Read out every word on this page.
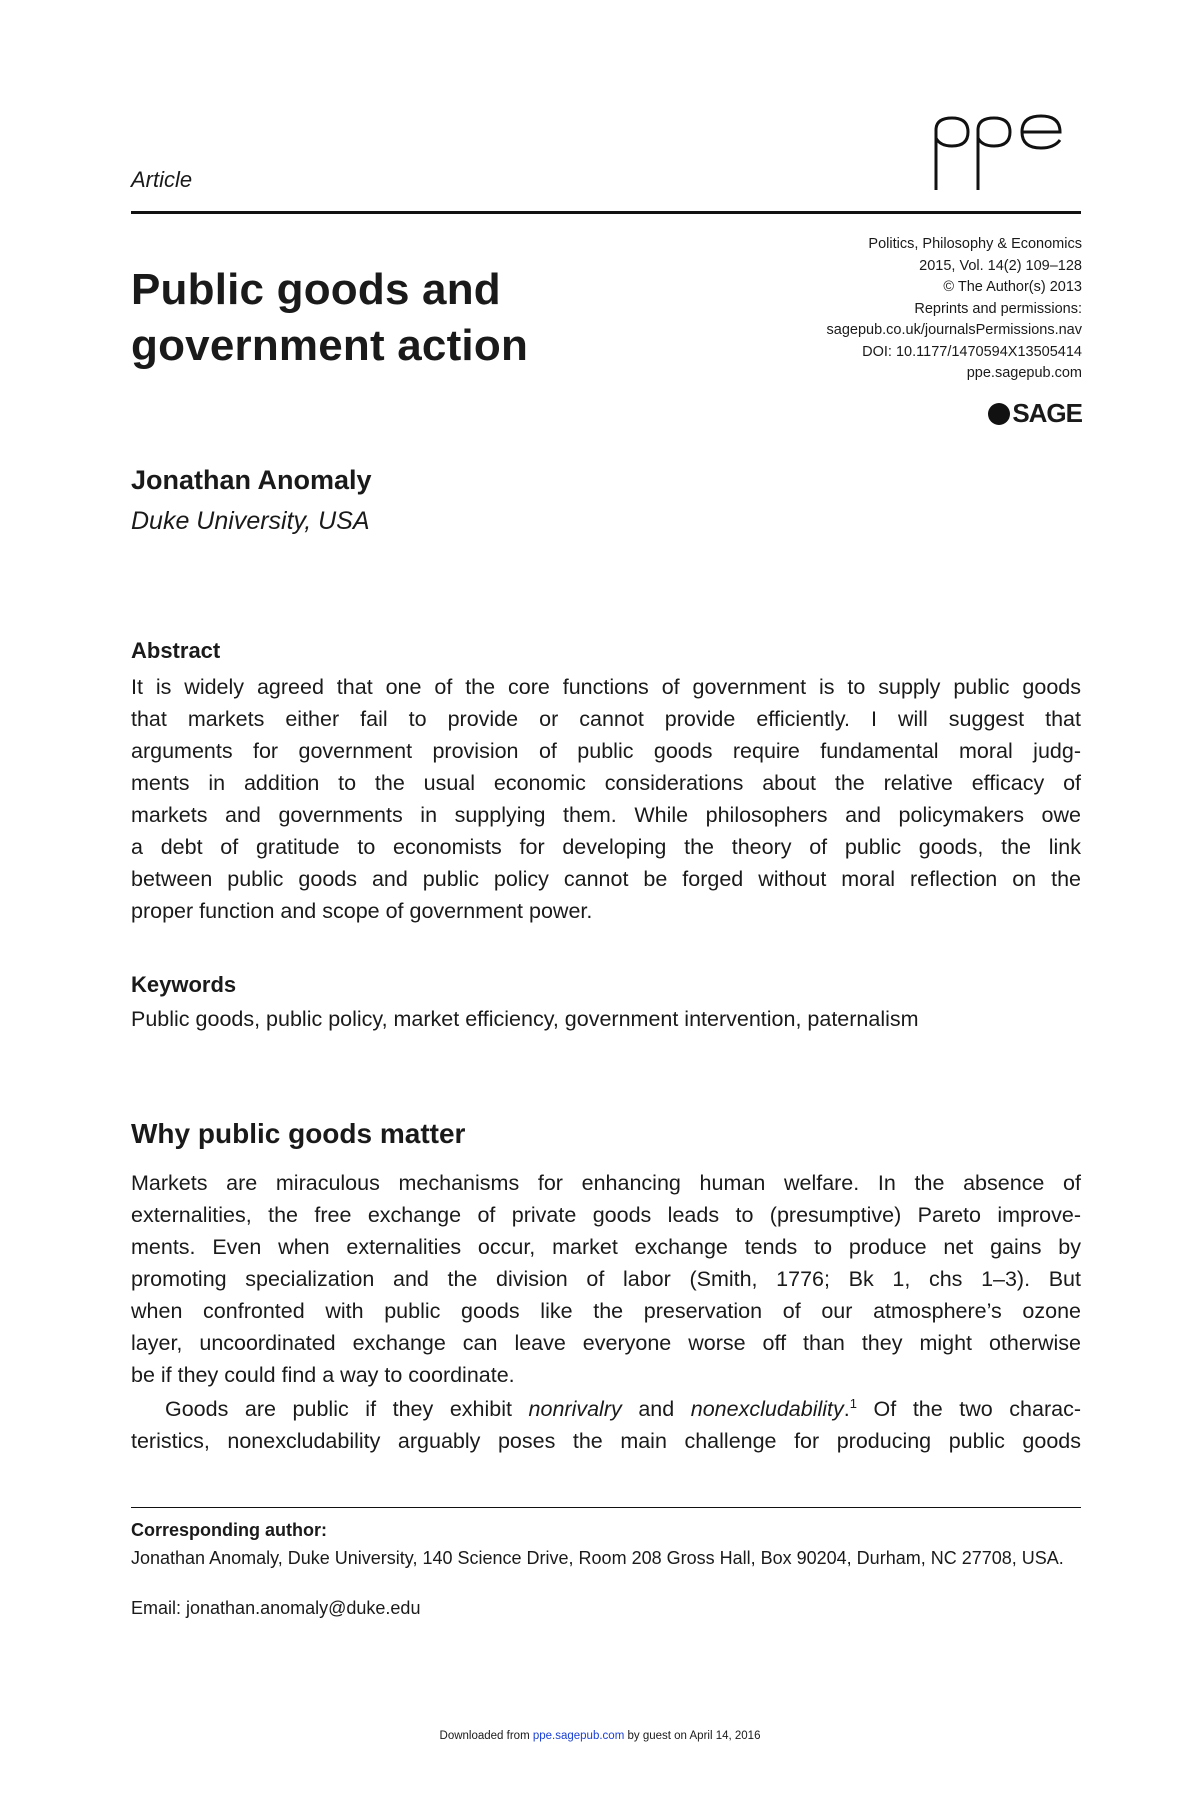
Article
Public goods and
government action
Politics, Philosophy & Economics
2015, Vol. 14(2) 109–128
© The Author(s) 2013
Reprints and permissions:
sagepub.co.uk/journalsPermissions.nav
DOI: 10.1177/1470594X13505414
ppe.sagepub.com
SAGE
Jonathan Anomaly
Duke University, USA
Abstract
It is widely agreed that one of the core functions of government is to supply public goods
that markets either fail to provide or cannot provide efficiently. I will suggest that
arguments for government provision of public goods require fundamental moral judg-
ments in addition to the usual economic considerations about the relative efficacy of
markets and governments in supplying them. While philosophers and policymakers owe
a debt of gratitude to economists for developing the theory of public goods, the link
between public goods and public policy cannot be forged without moral reflection on the
proper function and scope of government power.
Keywords
Public goods, public policy, market efficiency, government intervention, paternalism
Why public goods matter
Markets are miraculous mechanisms for enhancing human welfare. In the absence of
externalities, the free exchange of private goods leads to (presumptive) Pareto improve-
ments. Even when externalities occur, market exchange tends to produce net gains by
promoting specialization and the division of labor (Smith, 1776; Bk 1, chs 1–3). But
when confronted with public goods like the preservation of our atmosphere’s ozone
layer, uncoordinated exchange can leave everyone worse off than they might otherwise
be if they could find a way to coordinate.
Goods are public if they exhibit nonrivalry and nonexcludability.$^1$ Of the two charac-
teristics, nonexcludability arguably poses the main challenge for producing public goods
Corresponding author:
Jonathan Anomaly, Duke University, 140 Science Drive, Room 208 Gross Hall, Box 90204, Durham, NC 27708, USA.
Email: jonathan.anomaly@duke.edu
Downloaded from ppe.sagepub.com by guest on April 14, 2016
